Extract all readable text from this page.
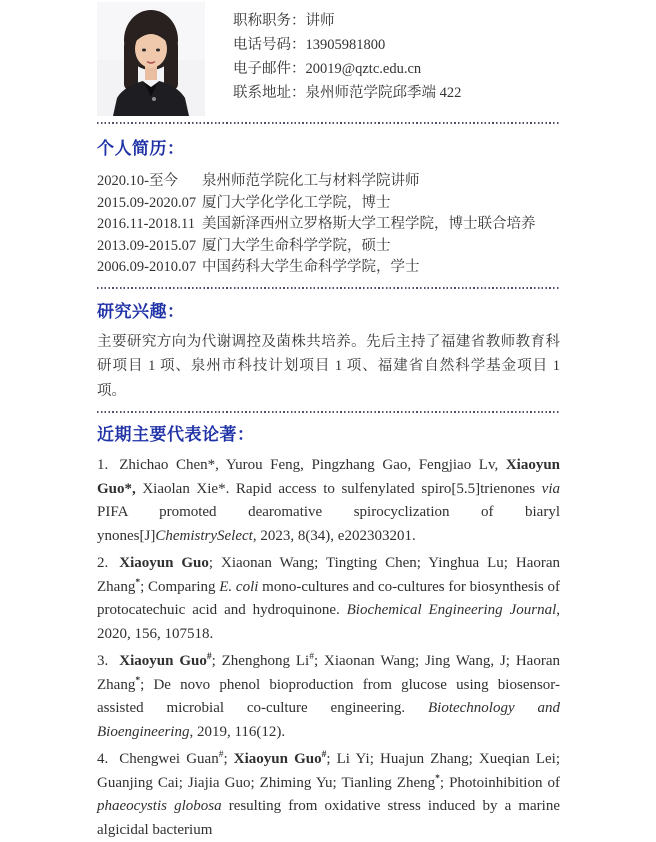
职称职务：讲师
电话号码：13905981800
电子邮件：20019@qztc.edu.cn
联系地址：泉州师范学院邱季端 422
个人简历：
2020.10-至今	泉州师范学院化工与材料学院讲师
2015.09-2020.07 厦门大学化学化工学院，博士
2016.11-2018.11 美国新泽西州立罗格斯大学工程学院，博士联合培养
2013.09-2015.07 厦门大学生命科学学院，硕士
2006.09-2010.07 中国药科大学生命科学学院，学士
研究兴趣：

主要研究方向为代谢调控及菌株共培养。先后主持了福建省教师教育科研项目 1 项、泉州市科技计划项目 1 项、福建省自然科学基金项目 1 项。

近期主要代表论著：

1. Zhichao Chen*, Yurou Feng, Pingzhang Gao, Fengjiao Lv, Xiaoyun Guo*, Xiaolan Xie*. Rapid access to sulfenylated spiro[5.5]trienones via PIFA promoted dearomative spirocyclization of biaryl ynones[J]ChemistrySelect, 2023, 8(34), e202303201.

2. Xiaoyun Guo; Xiaonan Wang; Tingting Chen; Yinghua Lu; Haoran Zhang*; Comparing E. coli mono-cultures and co-cultures for biosynthesis of protocatechuic acid and hydroquinone. Biochemical Engineering Journal, 2020, 156, 107518.

3. Xiaoyun Guo#; Zhenghong Li#; Xiaonan Wang; Jing Wang, J; Haoran Zhang*; De novo phenol bioproduction from glucose using biosensor-assisted microbial co-culture engineering. Biotechnology and Bioengineering, 2019, 116(12).

4. Chengwei Guan#; Xiaoyun Guo#; Li Yi; Huajun Zhang; Xueqian Lei; Guanjing Cai; Jiajia Guo; Zhiming Yu; Tianling Zheng*; Photoinhibition of phaeocystis globosa resulting from oxidative stress induced by a marine algicidal bacterium
